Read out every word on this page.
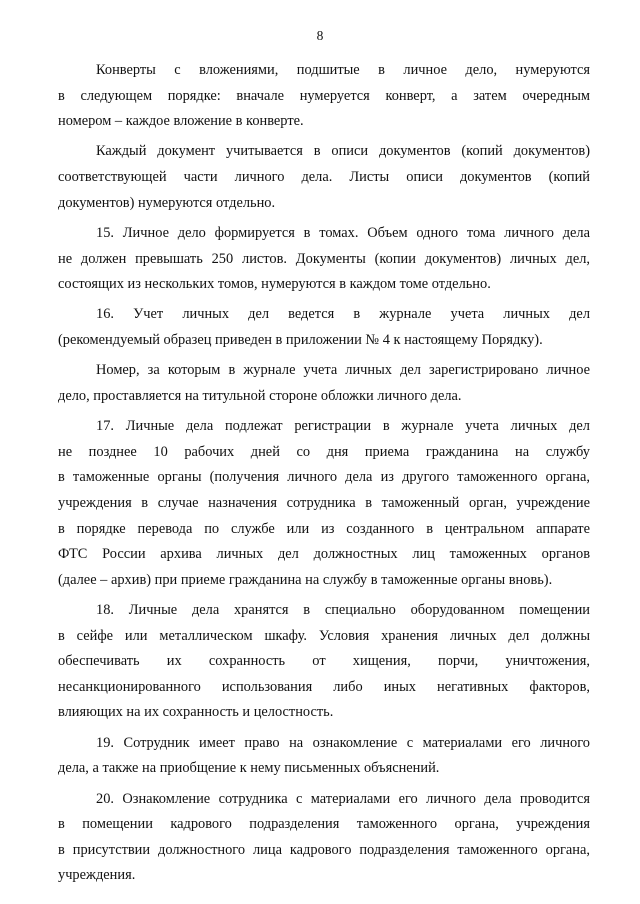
8
Конверты с вложениями, подшитые в личное дело, нумеруются
в следующем порядке: вначале нумеруется конверт, а затем очередным
номером – каждое вложение в конверте.
Каждый документ учитывается в описи документов (копий документов)
соответствующей части личного дела. Листы описи документов (копий
документов) нумеруются отдельно.
15. Личное дело формируется в томах. Объем одного тома личного дела
не должен превышать 250 листов. Документы (копии документов) личных дел,
состоящих из нескольких томов, нумеруются в каждом томе отдельно.
16. Учет личных дел ведется в журнале учета личных дел
(рекомендуемый образец приведен в приложении № 4 к настоящему Порядку).
Номер, за которым в журнале учета личных дел зарегистрировано личное
дело, проставляется на титульной стороне обложки личного дела.
17. Личные дела подлежат регистрации в журнале учета личных дел
не позднее 10 рабочих дней со дня приема гражданина на службу
в таможенные органы (получения личного дела из другого таможенного органа,
учреждения в случае назначения сотрудника в таможенный орган, учреждение
в порядке перевода по службе или из созданного в центральном аппарате
ФТС России архива личных дел должностных лиц таможенных органов
(далее – архив) при приеме гражданина на службу в таможенные органы вновь).
18. Личные дела хранятся в специально оборудованном помещении
в сейфе или металлическом шкафу. Условия хранения личных дел должны
обеспечивать их сохранность от хищения, порчи, уничтожения,
несанкционированного использования либо иных негативных факторов,
влияющих на их сохранность и целостность.
19. Сотрудник имеет право на ознакомление с материалами его личного
дела, а также на приобщение к нему письменных объяснений.
20. Ознакомление сотрудника с материалами его личного дела проводится
в помещении кадрового подразделения таможенного органа, учреждения
в присутствии должностного лица кадрового подразделения таможенного органа,
учреждения.
